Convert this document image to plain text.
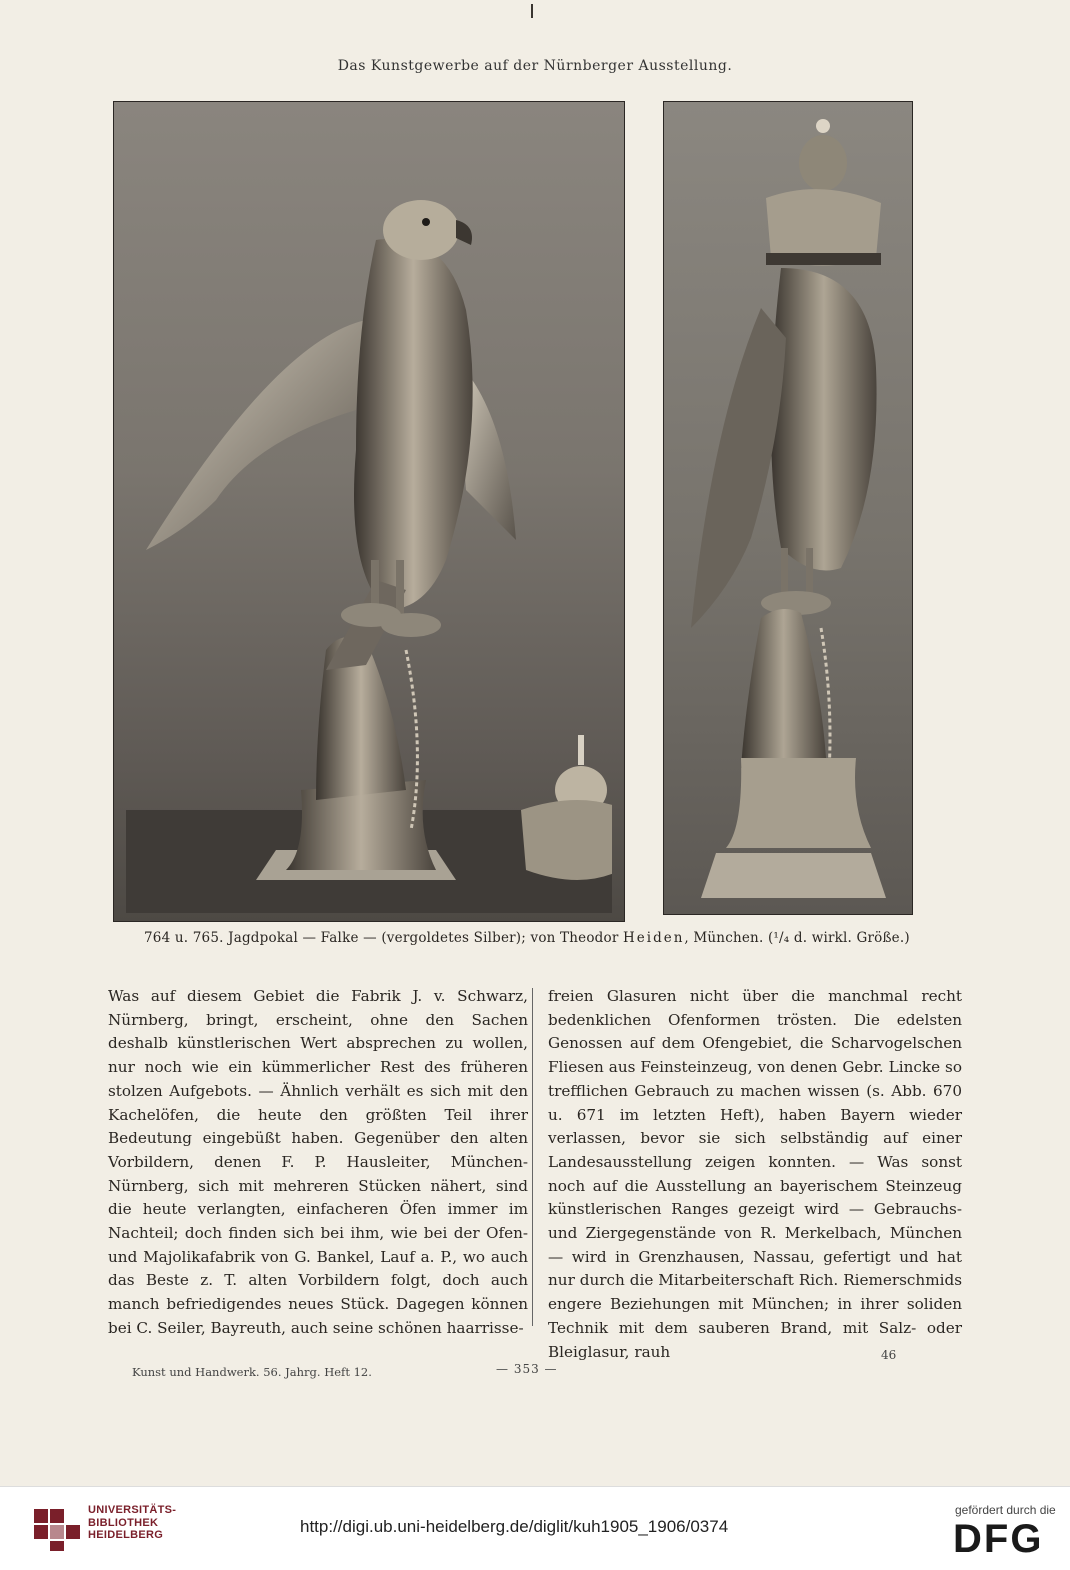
Das Kunstgewerbe auf der Nürnberger Ausstellung.
764 u. 765. Jagdpokal — Falke — (vergoldetes Silber); von Theodor Heiden, München. (¹/₄ d. wirkl. Größe.)
Was auf diesem Gebiet die Fabrik J. v. Schwarz, Nürnberg, bringt, erscheint, ohne den Sachen deshalb künstlerischen Wert absprechen zu wollen, nur noch wie ein kümmerlicher Rest des früheren stolzen Aufgebots. — Ähnlich verhält es sich mit den Kachelöfen, die heute den größten Teil ihrer Bedeutung eingebüßt haben. Gegenüber den alten Vorbildern, denen F. P. Hausleiter, München-Nürnberg, sich mit mehreren Stücken nähert, sind die heute verlangten, einfacheren Öfen immer im Nachteil; doch finden sich bei ihm, wie bei der Ofen- und Majolikafabrik von G. Bankel, Lauf a. P., wo auch das Beste z. T. alten Vorbildern folgt, doch auch manch befriedigendes neues Stück. Dagegen können bei C. Seiler, Bayreuth, auch seine schönen haarrisse-
freien Glasuren nicht über die manchmal recht bedenklichen Ofenformen trösten. Die edelsten Genossen auf dem Ofengebiet, die Scharvogelschen Fliesen aus Feinsteinzeug, von denen Gebr. Lincke so trefflichen Gebrauch zu machen wissen (s. Abb. 670 u. 671 im letzten Heft), haben Bayern wieder verlassen, bevor sie sich selbständig auf einer Landesausstellung zeigen konnten. — Was sonst noch auf die Ausstellung an bayerischem Steinzeug künstlerischen Ranges gezeigt wird — Gebrauchs- und Ziergegenstände von R. Merkelbach, München — wird in Grenzhausen, Nassau, gefertigt und hat nur durch die Mitarbeiterschaft Rich. Riemerschmids engere Beziehungen mit München; in ihrer soliden Technik mit dem sauberen Brand, mit Salz- oder Bleiglasur, rauh
Kunst und Handwerk. 56. Jahrg. Heft 12.	— 353 —
46
UNIVERSITÄTS-
BIBLIOTHEK
HEIDELBERG	http://digi.ub.uni-heidelberg.de/diglit/kuh1905_1906/0374
gefördert durch die
DFG
